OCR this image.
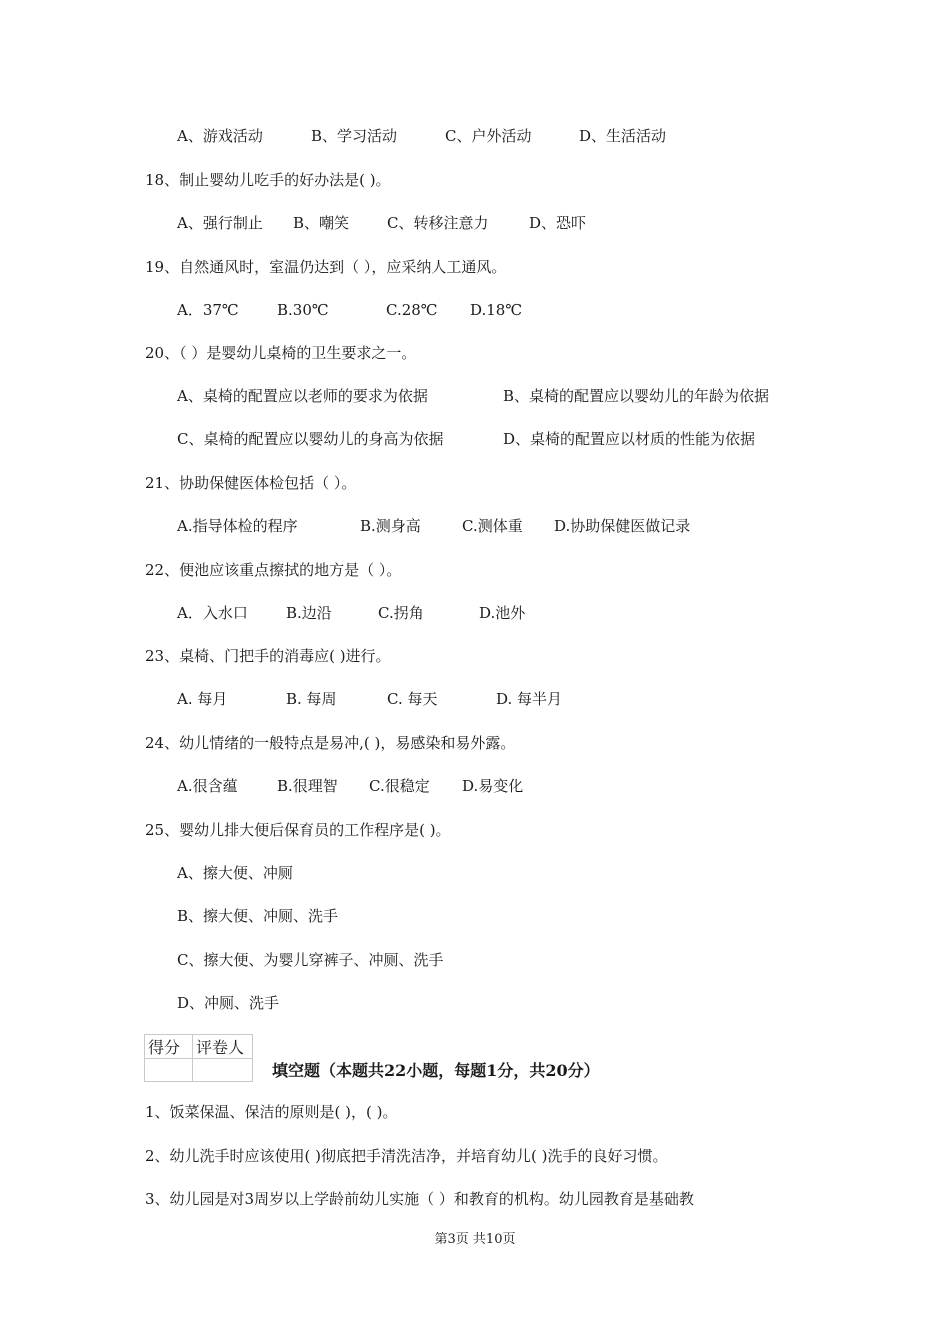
A、游戏活动	B、学习活动	C、户外活动	D、生活活动
18、制止婴幼儿吃手的好办法是( )。
A、强行制止 B、嘲笑	C、转移注意力	D、恐吓
19、自然通风时，室温仍达到（ ），应采纳人工通风。
A．37℃	B.30℃	C.28℃ D.18℃
20、（ ）是婴幼儿桌椅的卫生要求之一。
A、桌椅的配置应以老师的要求为依据	B、桌椅的配置应以婴幼儿的年龄为依据
C、桌椅的配置应以婴幼儿的身高为依据	D、桌椅的配置应以材质的性能为依据
21、协助保健医体检包括（ ）。
A.指导体检的程序	B.测身高	C.测体重 D.协助保健医做记录
22、便池应该重点擦拭的地方是（ ）。
A．入水口	B.边沿	C.拐角	D.池外
23、桌椅、门把手的消毒应( )进行。
A. 每月	B. 每周	C. 每天	D. 每半月
24、幼儿情绪的一般特点是易冲,( )，易感染和易外露。
A.很含蕴	B.很理智 C.很稳定 D.易变化
25、婴幼儿排大便后保育员的工作程序是( )。
A、擦大便、冲厕
B、擦大便、冲厕、洗手
C、擦大便、为婴儿穿裤子、冲厕、洗手
D、冲厕、洗手
得分	评卷人

填空题（本题共22小题，每题1分，共20分）
1、饭菜保温、保洁的原则是( )，( )。
2、幼儿洗手时应该使用( )彻底把手清洗洁净，并培育幼儿( )洗手的良好习惯。
3、幼儿园是对3周岁以上学龄前幼儿实施（ ）和教育的机构。幼儿园教育是基础教
第3页 共10页
